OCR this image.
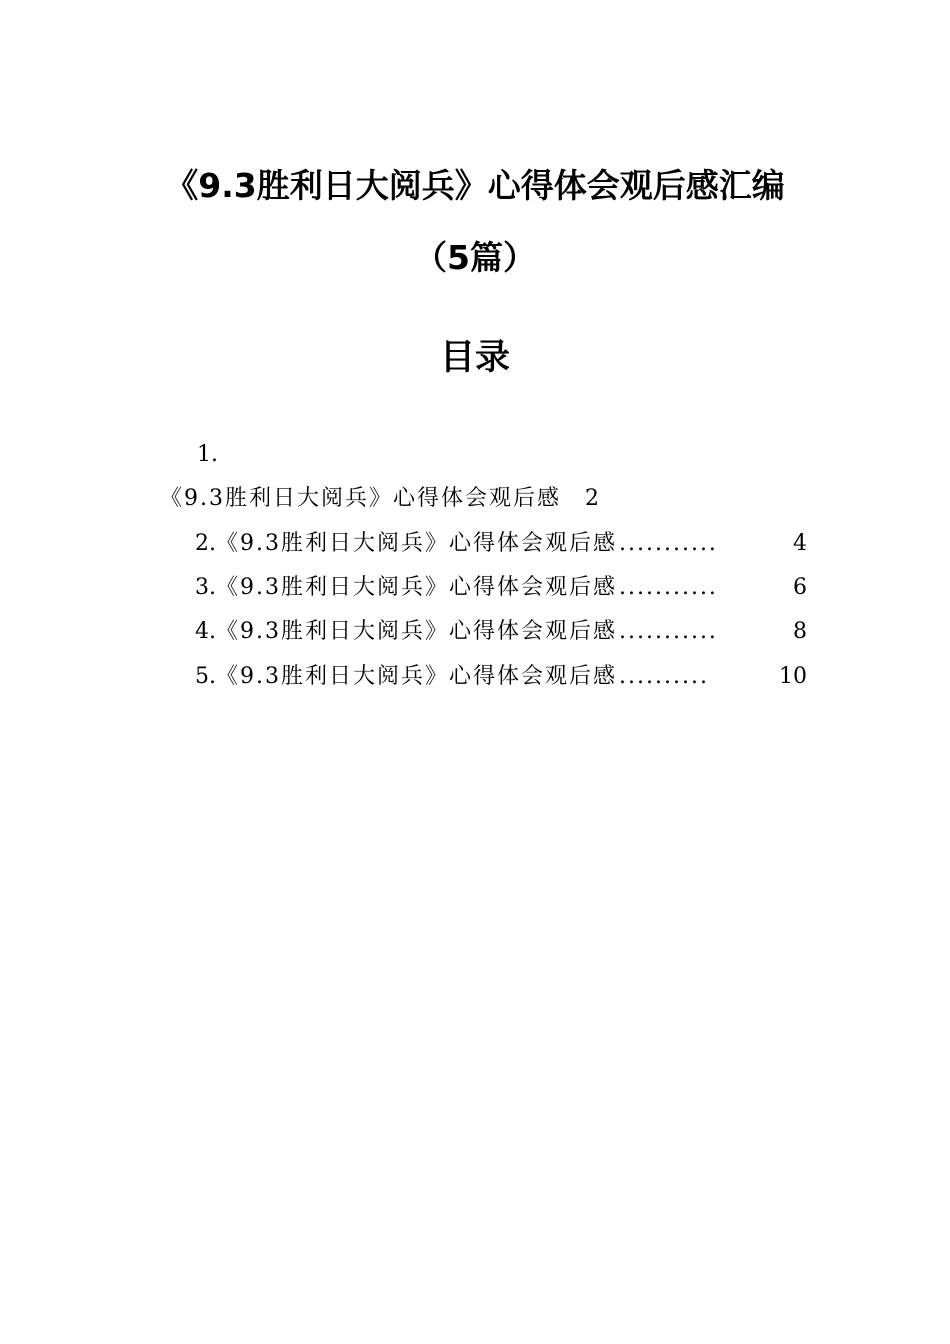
《9.3胜利日大阅兵》心得体会观后感汇编
（5篇）
目录
1.
《9.3胜利日大阅兵》心得体会观后感 2
2. 《9.3胜利日大阅兵》心得体会观后感 ...........	4
3. 《9.3胜利日大阅兵》心得体会观后感 ...........	6
4. 《9.3胜利日大阅兵》心得体会观后感 ...........	8
5. 《9.3胜利日大阅兵》心得体会观后感 ..........	10
